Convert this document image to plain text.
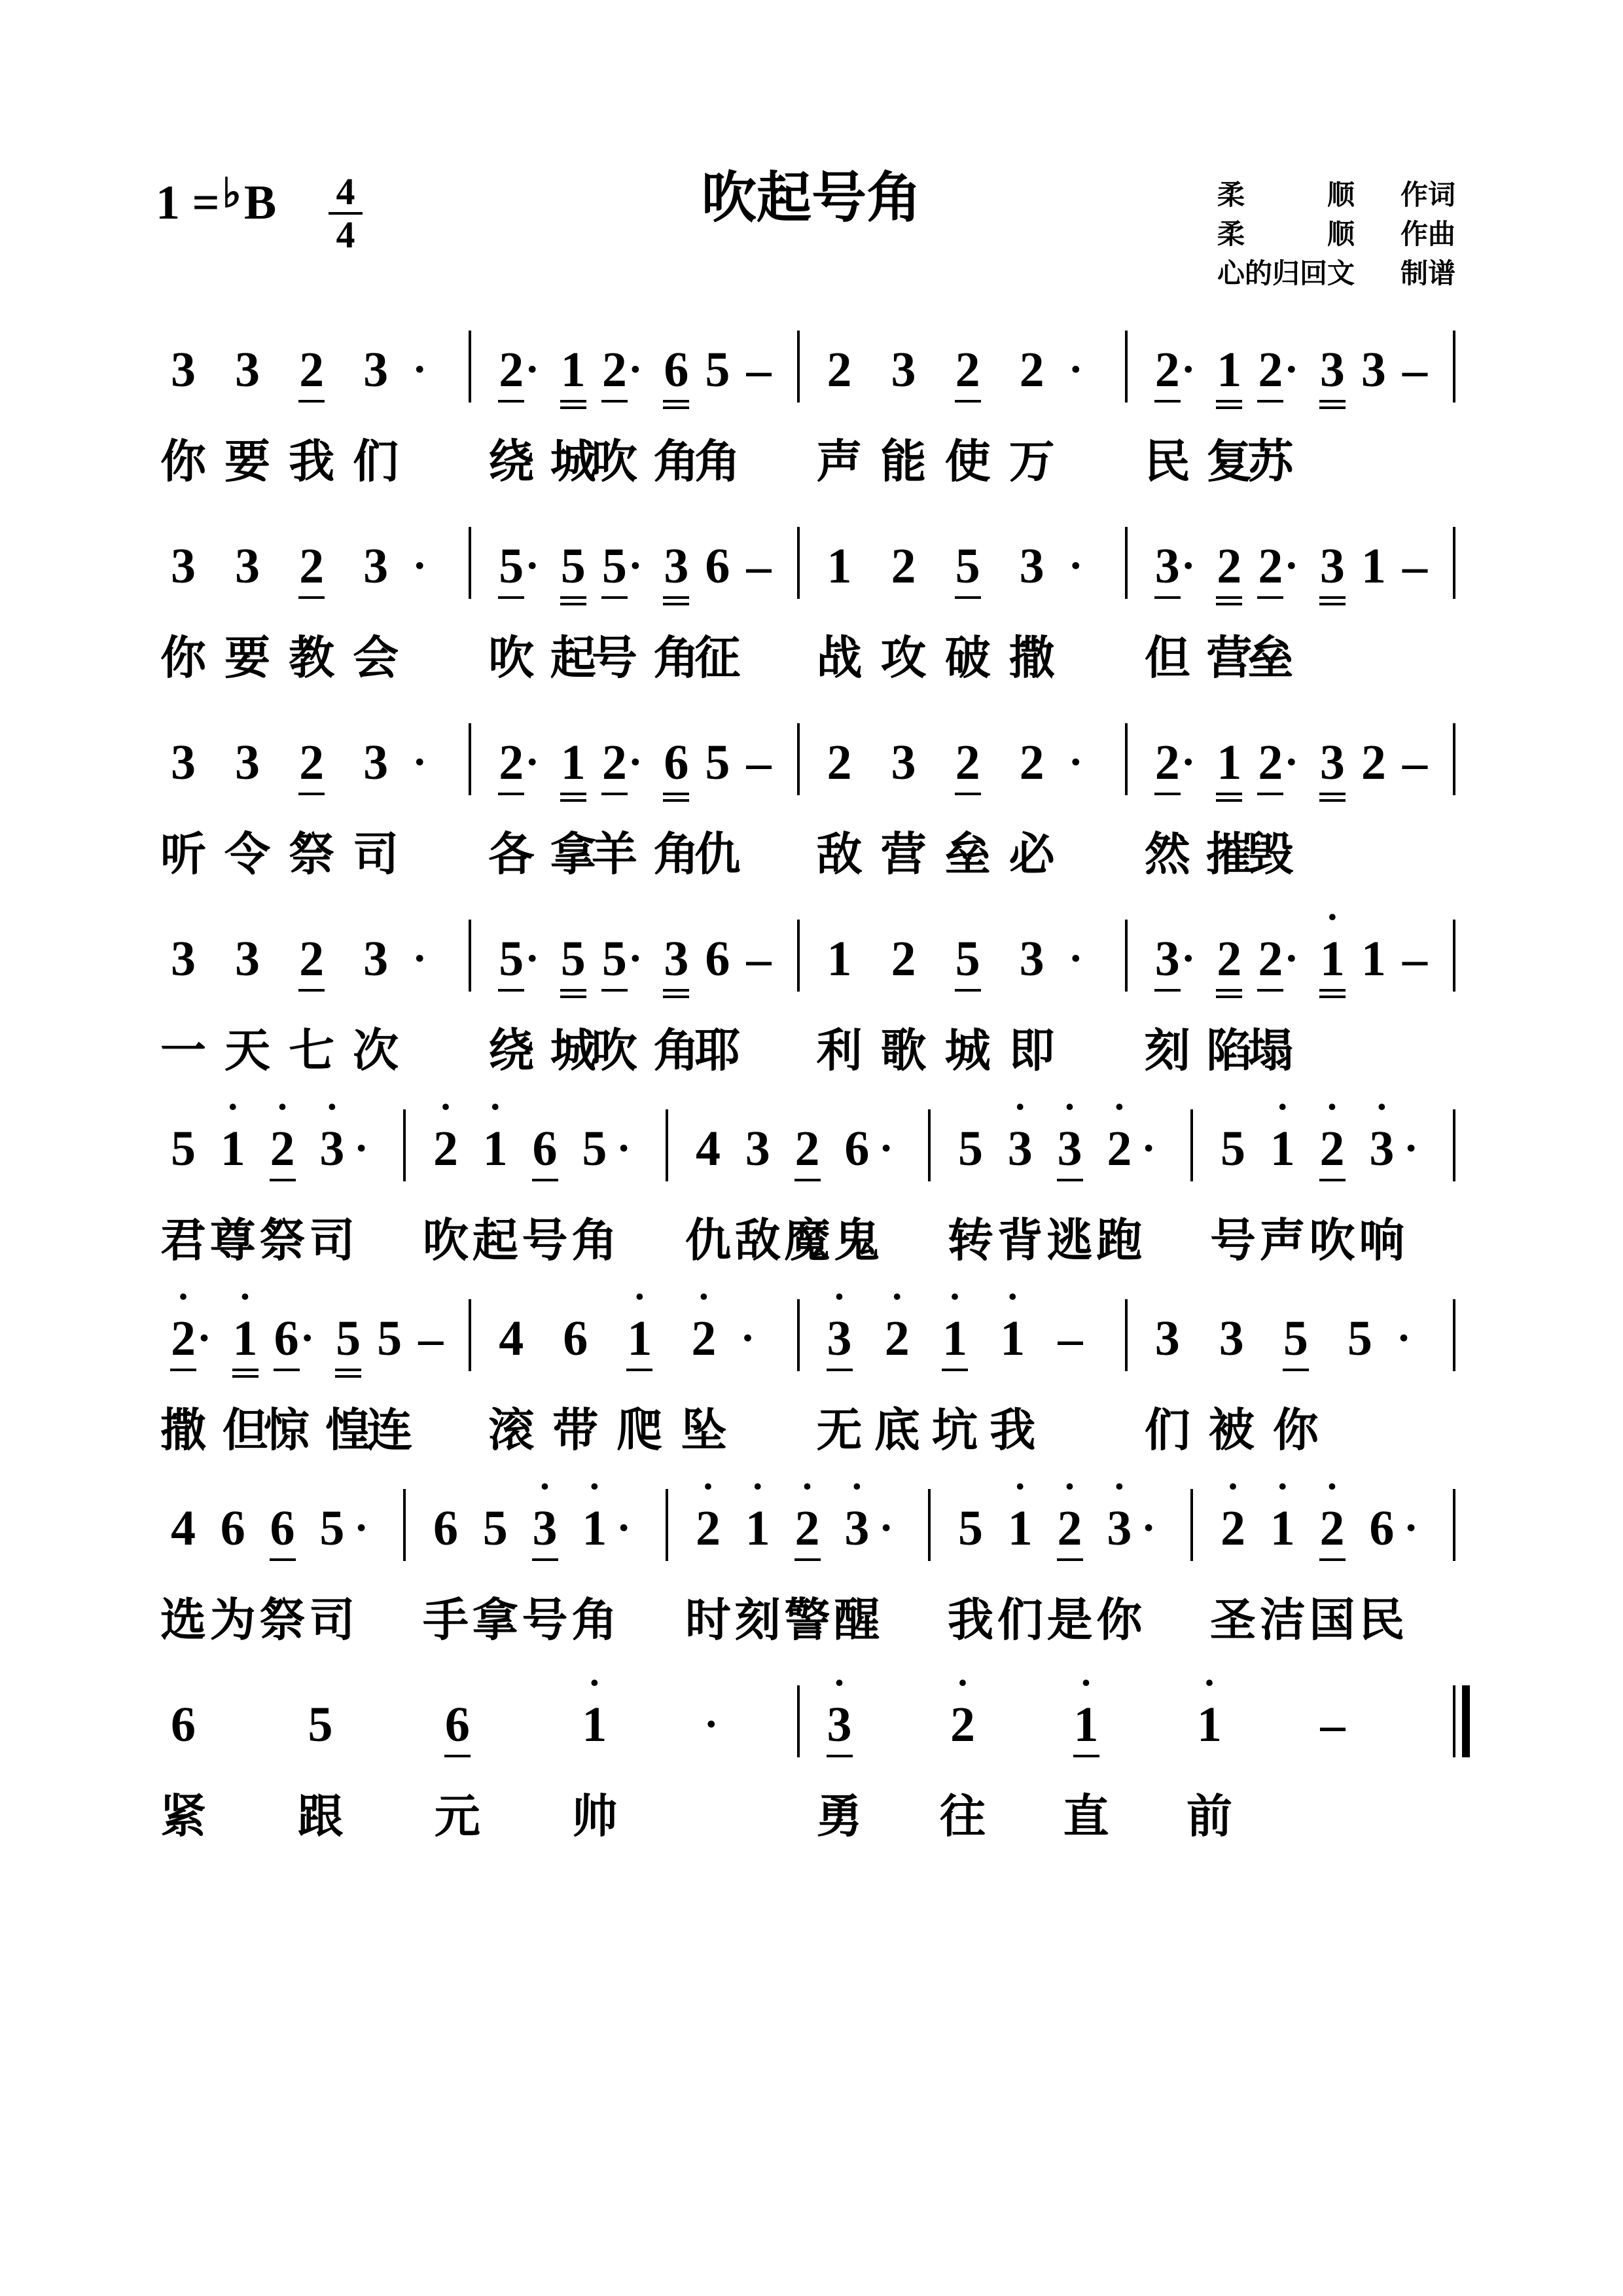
吹起号角
1 =♭B 4
4
柔　　　顺 作词
柔　　　顺 作曲
心的归回文 制谱
3 3 2 3 · 2 · 1 2 · 6 5 – 2 3 2 2 · 2 · 1 2 · 3 3 –
你 要 我 们 绕 城
吹 角
角 声 能 使 万 民 复
苏
3 3 2 3 · 5 · 5 5 · 3 6 – 1 2 5 3 · 3 · 2 2 · 3 1 –
你 要 教 会 吹 起
号 角
征 战 攻 破 撒 但 营
垒
3 3 2 3 · 2 · 1 2 · 6 5 – 2 3 2 2 · 2 · 1 2 · 3 2 –
听 令 祭 司 各 拿
羊 角
仇 敌 营 垒 必 然 摧
毁
3 3 2 3 · 5 · 5 5 · 3 6 – 1 2 5 3 · 3 · 2 2 · 1
·
1 –
一 天 七 次 绕 城
吹 角
耶 利 歌 城 即 刻 陷
塌
5 1
·
2
·
3
·
· 2
·
1
·
6 5 · 4 3 2 6 · 5 3
·
3
·
2
·
· 5 1
·
2
·
3
·
·
君 尊 祭 司 吹 起 号 角 仇 敌 魔 鬼 转 背 逃 跑 号 声 吹 响
2
·
· 1
·
6 · 5 5 – 4 6 1
·
2
·
· 3
·
2
·
1
·
1
·
– 3 3 5 5 ·
撒 但
惊 惶
连 滚 带 爬 坠 无 底 坑 我 们 被 你
4 6 6 5 · 6 5 3
·
1
·
· 2
·
1
·
2
·
3
·
· 5 1
·
2
·
3
·
· 2
·
1
·
2
·
6 ·
选 为 祭 司 手 拿 号 角 时 刻 警 醒 我 们 是 你 圣 洁 国 民
6 5 6 1
·
· 3
·
2
·
1
·
1
·
–
紧 跟 元 帅	勇 往 直 前
